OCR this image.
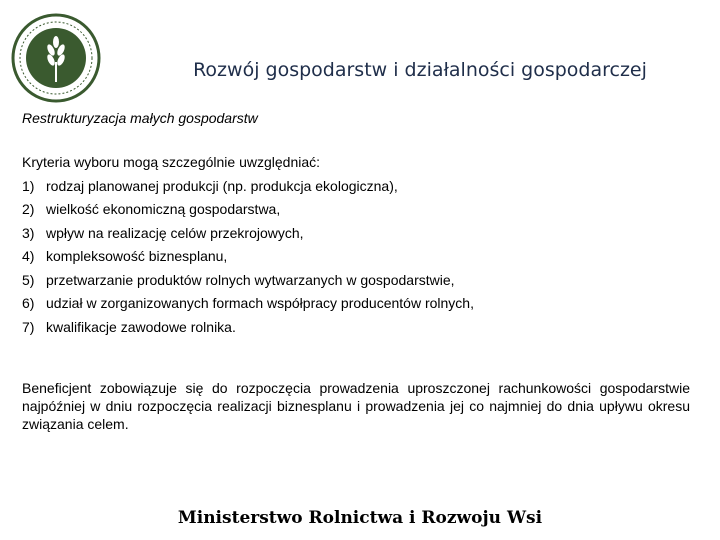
Rozwój gospodarstw i działalności gospodarczej
Restrukturyzacja małych gospodarstw
Kryteria wyboru mogą szczególnie uwzględniać:
1) rodzaj planowanej produkcji (np. produkcja ekologiczna),
2) wielkość ekonomiczną gospodarstwa,
3) wpływ na realizację celów przekrojowych,
4) kompleksowość biznesplanu,
5) przetwarzanie produktów rolnych wytwarzanych w gospodarstwie,
6) udział w zorganizowanych formach współpracy producentów rolnych,
7) kwalifikacje zawodowe rolnika.
Beneficjent zobowiązuje się do rozpoczęcia prowadzenia uproszczonej rachunkowości gospodarstwie najpóźniej w dniu rozpoczęcia realizacji biznesplanu i prowadzenia jej co najmniej do dnia upływu okresu związania celem.
Ministerstwo Rolnictwa i Rozwoju Wsi
